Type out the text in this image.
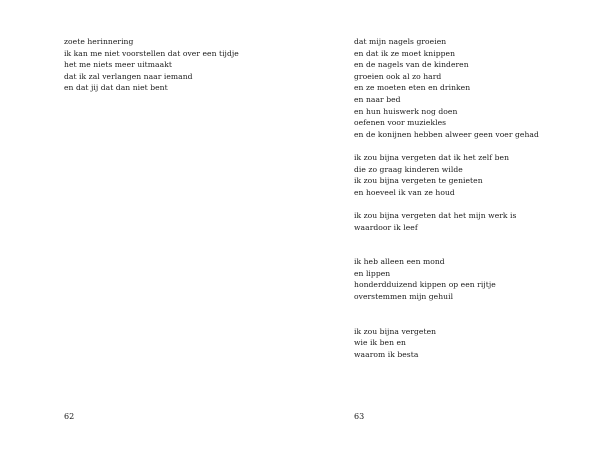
zoete herinnering
ik kan me niet voorstellen dat over een tijdje
het me niets meer uitmaakt
dat ik zal verlangen naar iemand
en dat jij dat dan niet bent
62
dat mijn nagels groeien
en dat ik ze moet knippen
en de nagels van de kinderen
groeien ook al zo hard
en ze moeten eten en drinken
en naar bed
en hun huiswerk nog doen
oefenen voor muziekles
en de konijnen hebben alweer geen voer gehad
ik zou bijna vergeten dat ik het zelf ben
die zo graag kinderen wilde
ik zou bijna vergeten te genieten
en hoeveel ik van ze houd
ik zou bijna vergeten dat het mijn werk is
waardoor ik leef
ik heb alleen een mond
en lippen
honderdduizend kippen op een rijtje
overstemmen mijn gehuil
ik zou bijna vergeten
wie ik ben en
waarom ik besta
63
